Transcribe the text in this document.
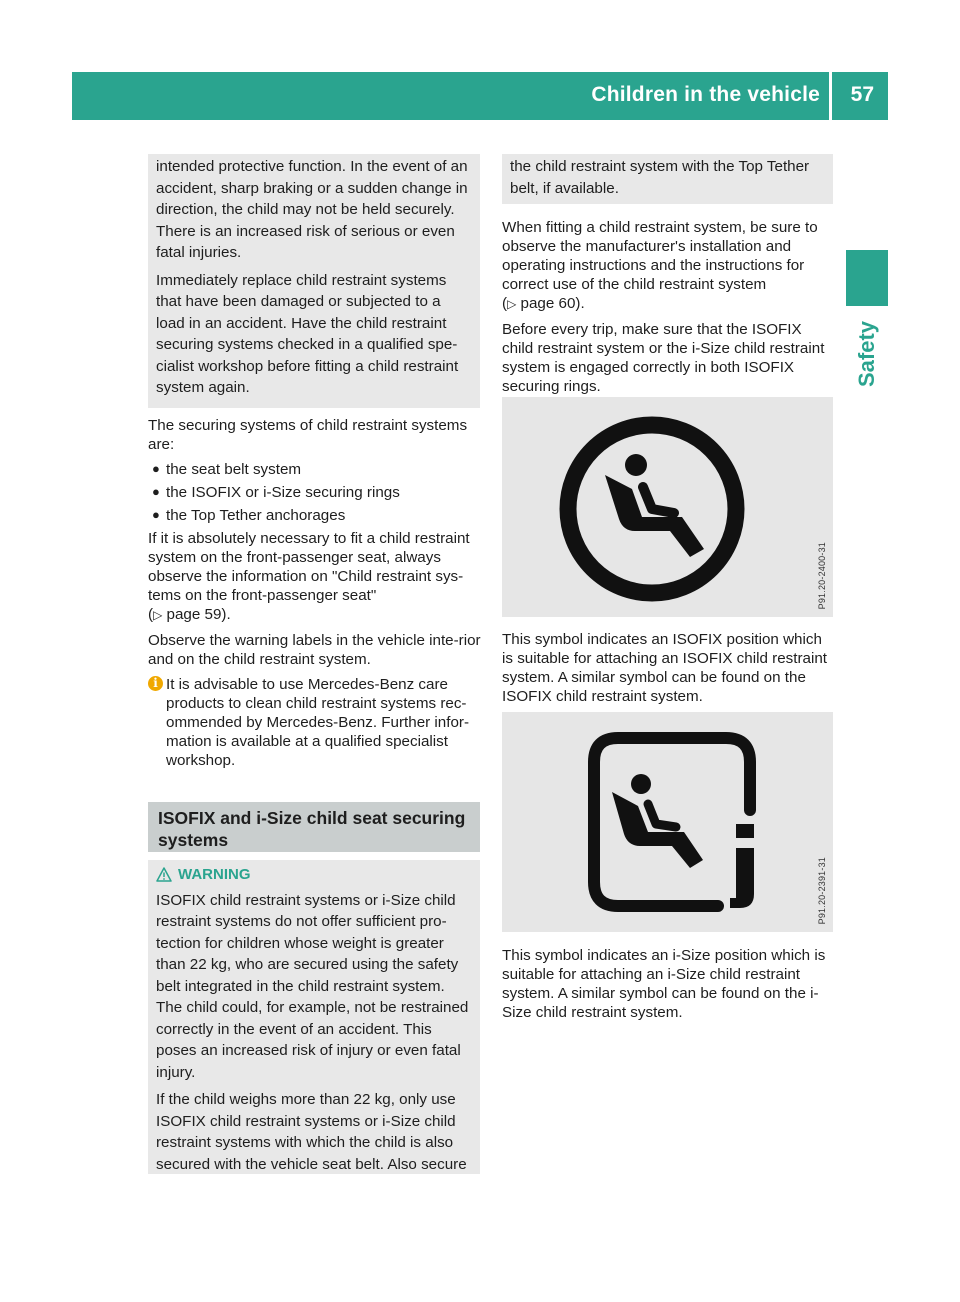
Children in the vehicle 57
Safety

intended protective function. In the event of an accident, sharp braking or a sudden change in direction, the child may not be held securely. There is an increased risk of serious or even fatal injuries.

Immediately replace child restraint systems that have been damaged or subjected to a load in an accident. Have the child restraint securing systems checked in a qualified spe-cialist workshop before fitting a child restraint system again.

The securing systems of child restraint systems are:

● the seat belt system
● the ISOFIX or i-Size securing rings
● the Top Tether anchorages

If it is absolutely necessary to fit a child restraint system on the front-passenger seat, always observe the information on "Child restraint sys-tems on the front-passenger seat"
(▷ page 59).

Observe the warning labels in the vehicle inte-rior and on the child restraint system.

i It is advisable to use Mercedes-Benz care products to clean child restraint systems rec-ommended by Mercedes-Benz. Further infor-mation is available at a qualified specialist workshop.

ISOFIX and i-Size child seat securing systems
WARNING

ISOFIX child restraint systems or i-Size child restraint systems do not offer sufficient pro-tection for children whose weight is greater than 22 kg, who are secured using the safety belt integrated in the child restraint system. The child could, for example, not be restrained correctly in the event of an accident. This poses an increased risk of injury or even fatal injury.

If the child weighs more than 22 kg, only use ISOFIX child restraint systems or i-Size child restraint systems with which the child is also secured with the vehicle seat belt. Also secure

the child restraint system with the Top Tether belt, if available.

When fitting a child restraint system, be sure to observe the manufacturer's installation and operating instructions and the instructions for correct use of the child restraint system
(▷ page 60).

Before every trip, make sure that the ISOFIX child restraint system or the i-Size child restraint system is engaged correctly in both ISOFIX securing rings.

P91.20-2400-31

This symbol indicates an ISOFIX position which is suitable for attaching an ISOFIX child restraint system. A similar symbol can be found on the ISOFIX child restraint system.

P91.20-2391-31

This symbol indicates an i-Size position which is suitable for attaching an i-Size child restraint system. A similar symbol can be found on the i-Size child restraint system.
